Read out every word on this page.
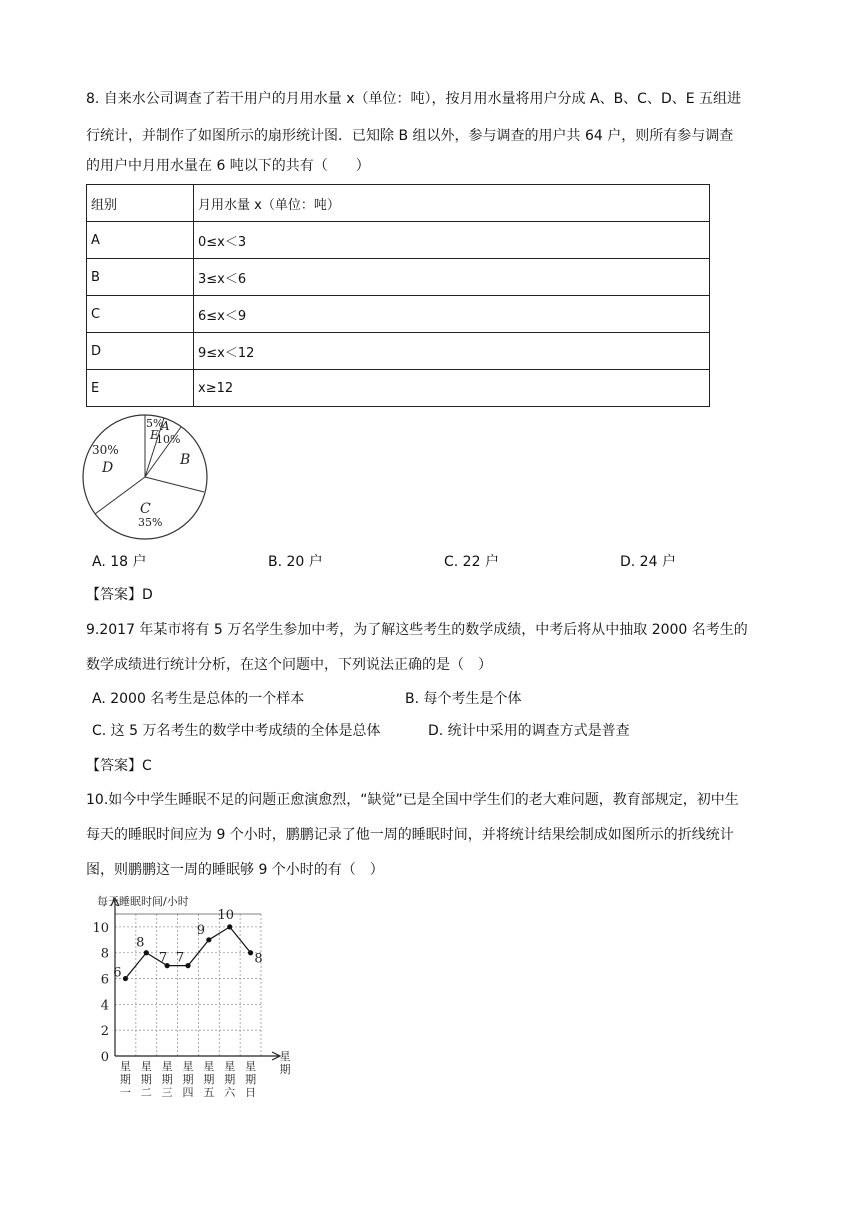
8. 自来水公司调查了若干用户的月用水量 x（单位：吨），按月用水量将用户分成 A、B、C、D、E 五组进
行统计，并制作了如图所示的扇形统计图．已知除 B 组以外，参与调查的用户共 64 户，则所有参与调查
的用户中月用水量在 6 吨以下的共有（　　）
组别	月用水量 x（单位：吨）
A	0≤x＜3
B	3≤x＜6
C	6≤x＜9
D	9≤x＜12
E	x≥12
5%
E
A
10%
B
30%
D
C
35%
A. 18 户	B. 20 户	C. 22 户	D. 24 户
【答案】D
9.2017 年某市将有 5 万名学生参加中考，为了解这些考生的数学成绩，中考后将从中抽取 2000 名考生的
数学成绩进行统计分析，在这个问题中，下列说法正确的是（　）
A. 2000 名考生是总体的一个样本	B. 每个考生是个体
C. 这 5 万名考生的数学中考成绩的全体是总体	D. 统计中采用的调查方式是普查
【答案】C
10.如今中学生睡眠不足的问题正愈演愈烈，“缺觉”已是全国中学生们的老大难问题，教育部规定，初中生
每天的睡眠时间应为 9 个小时，鹏鹏记录了他一周的睡眠时间，并将统计结果绘制成如图所示的折线统计
图，则鹏鹏这一周的睡眠够 9 个小时的有（　）
每天睡眠时间/小时
0
2
4
6
8
10
星
期
一
星
期
二
星
期
三
星
期
四
星
期
五
星
期
六
星
期
日
6
8
7 7
9
10
8
星
期
